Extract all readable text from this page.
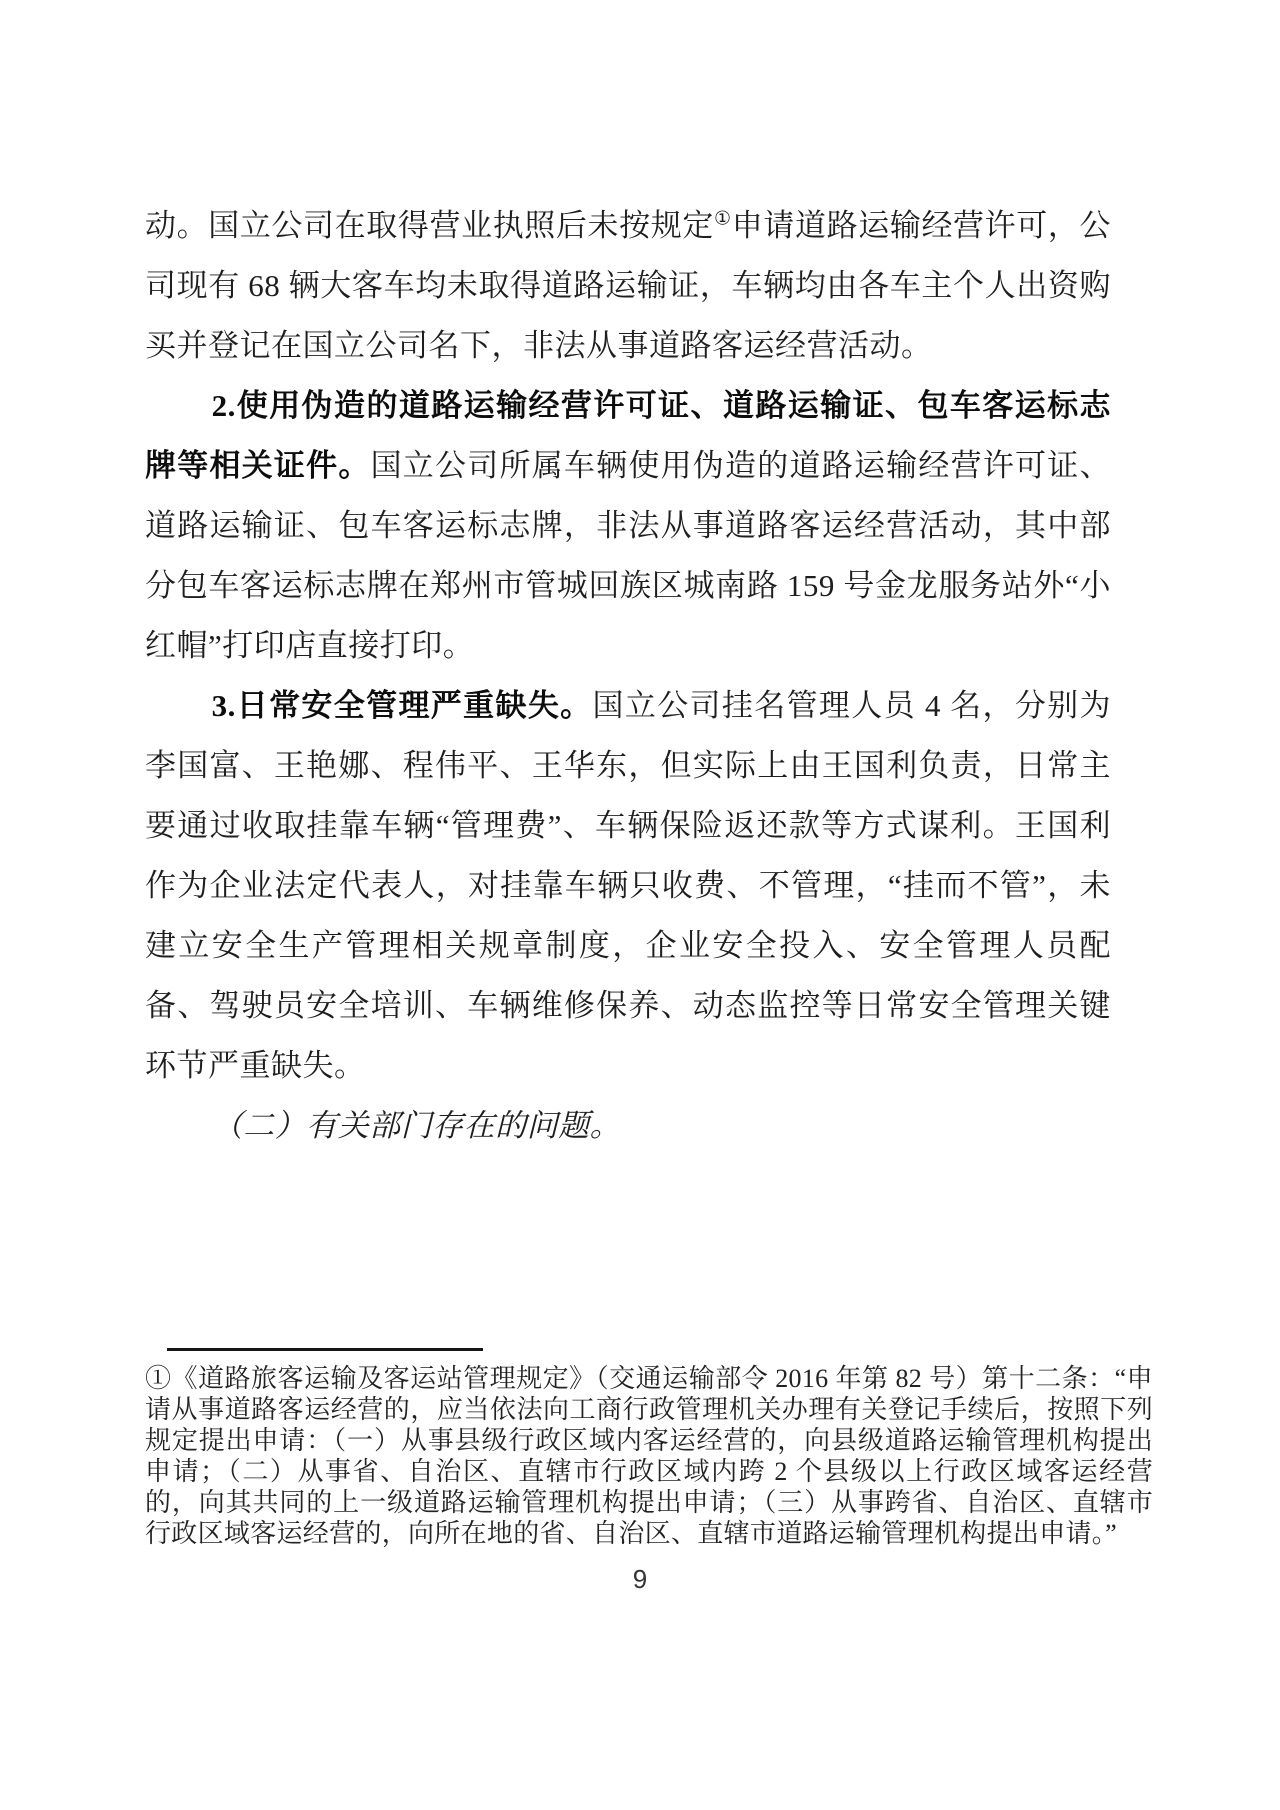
动。国立公司在取得营业执照后未按规定①申请道路运输经营许可，公司现有 68 辆大客车均未取得道路运输证，车辆均由各车主个人出资购买并登记在国立公司名下，非法从事道路客运经营活动。

2.使用伪造的道路运输经营许可证、道路运输证、包车客运标志牌等相关证件。国立公司所属车辆使用伪造的道路运输经营许可证、道路运输证、包车客运标志牌，非法从事道路客运经营活动，其中部分包车客运标志牌在郑州市管城回族区城南路 159 号金龙服务站外“小红帽”打印店直接打印。

3.日常安全管理严重缺失。国立公司挂名管理人员 4 名，分别为李国富、王艳娜、程伟平、王华东，但实际上由王国利负责，日常主要通过收取挂靠车辆“管理费”、车辆保险返还款等方式谋利。王国利作为企业法定代表人，对挂靠车辆只收费、不管理，“挂而不管”，未建立安全生产管理相关规章制度，企业安全投入、安全管理人员配备、驾驶员安全培训、车辆维修保养、动态监控等日常安全管理关键环节严重缺失。

（二）有关部门存在的问题。

①《道路旅客运输及客运站管理规定》（交通运输部令 2016 年第 82 号）第十二条：“申请从事道路客运经营的，应当依法向工商行政管理机关办理有关登记手续后，按照下列规定提出申请：（一）从事县级行政区域内客运经营的，向县级道路运输管理机构提出申请；（二）从事省、自治区、直辖市行政区域内跨 2 个县级以上行政区域客运经营的，向其共同的上一级道路运输管理机构提出申请；（三）从事跨省、自治区、直辖市行政区域客运经营的，向所在地的省、自治区、直辖市道路运输管理机构提出申请。”
9
